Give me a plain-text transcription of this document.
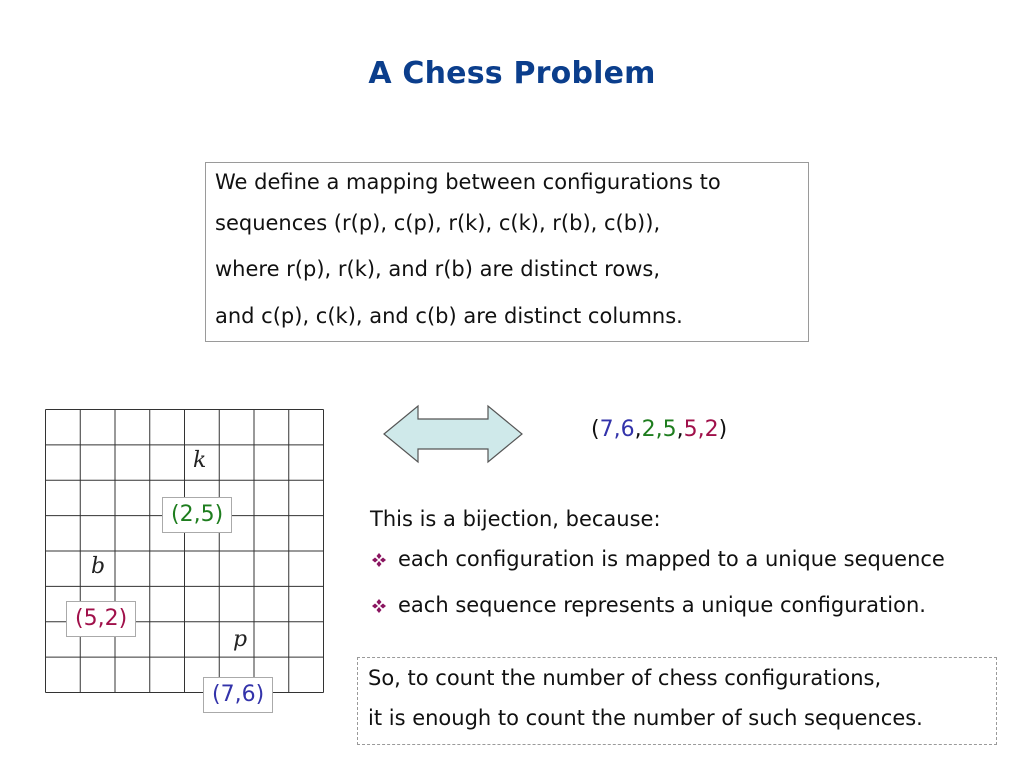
A Chess Problem
We define a mapping between configurations to
sequences (r(p), c(p), r(k), c(k), r(b), c(b)),
where r(p), r(k), and r(b) are distinct rows,
and c(p), c(k), and c(b) are distinct columns.
k
b
p
(2,5)
(5,2)
(7,6)
(7,6,2,5,5,2)
This is a bijection, because:
each configuration is mapped to a unique sequence
each sequence represents a unique configuration.
So, to count the number of chess configurations,
it is enough to count the number of such sequences.
